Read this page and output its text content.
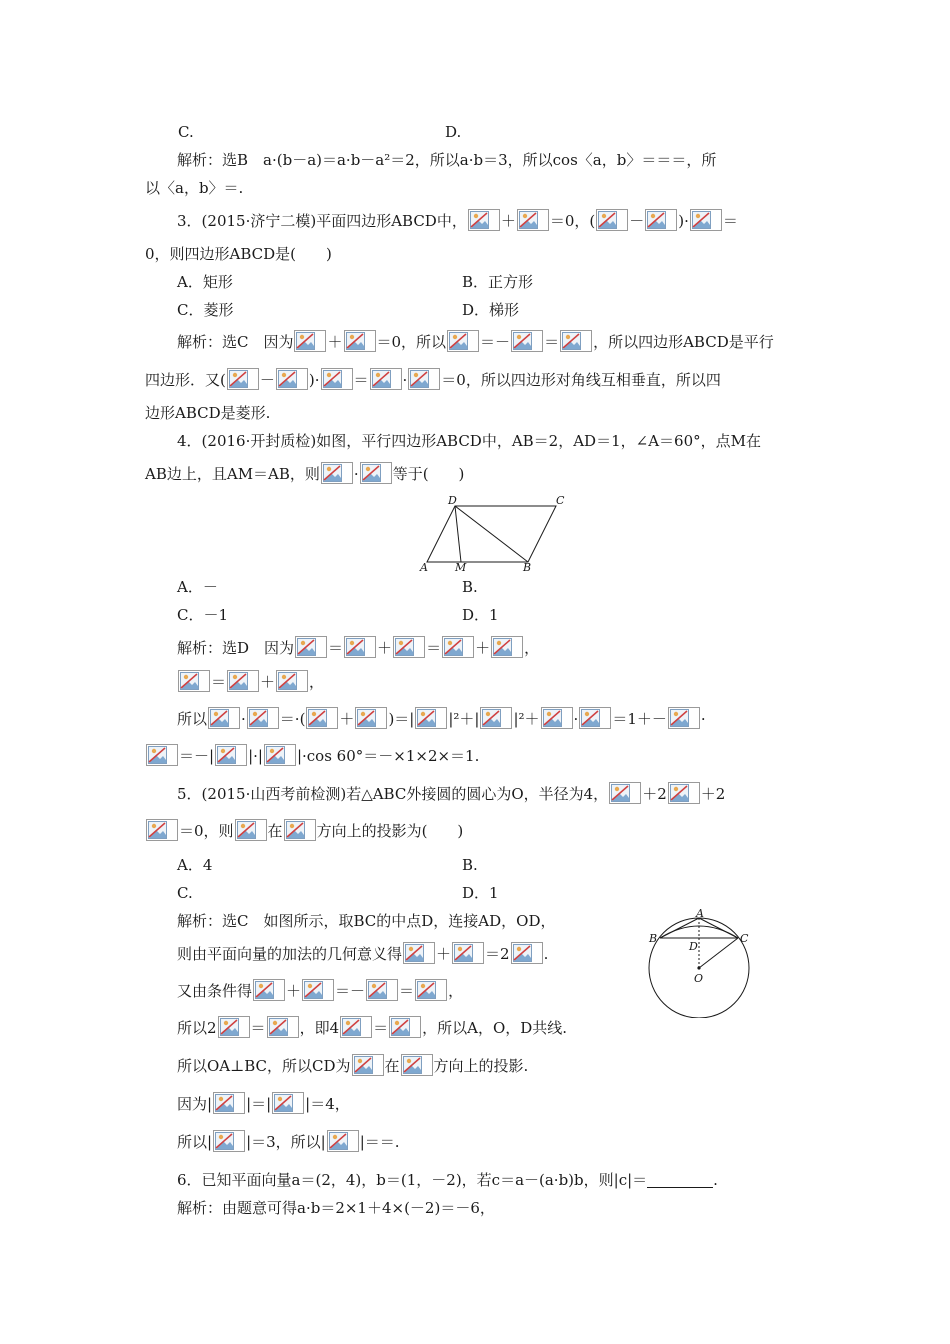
C.	D.
解析：选B　a·(b－a)＝a·b－a²＝2，所以a·b＝3，所以cos〈a，b〉＝＝＝，所
以〈a，b〉＝.
3．(2015·济宁二模)平面四边形ABCD中， ＋ ＝0，( － )· ＝
0，则四边形ABCD是(　　)
A．矩形	B．正方形
C．菱形	D．梯形
解析：选C　因为 ＋ ＝0，所以 ＝－ ＝ ，所以四边形ABCD是平行
四边形．又( － )· ＝ · ＝0，所以四边形对角线互相垂直，所以四
边形ABCD是菱形.
4．(2016·开封质检)如图，平行四边形ABCD中，AB＝2，AD＝1，∠A＝60°，点M在
AB边上，且AM＝AB，则 · 等于(　　)
D	C
A M	B
A．－	B.
C．－1	D．1
解析：选D　因为 ＝ ＋ ＝ ＋ ，
＝ ＋ ，
所以 · ＝·( ＋ )＝| |²＋| |²＋ · ＝1＋－ ·
＝－| |·| |·cos 60°＝－×1×2×＝1.
5．(2015·山西考前检测)若△ABC外接圆的圆心为O，半径为4， ＋2 ＋2
＝0，则 在 方向上的投影为(　　)
A．4	B.
C.	D．1
解析：选C　如图所示，取BC的中点D，连接AD，OD，
则由平面向量的加法的几何意义得 ＋ ＝2 .
又由条件得 ＋ ＝－ ＝ ，
所以2 ＝ ，即4 ＝ ，所以A，O，D共线.
所以OA⊥BC，所以CD为 在 方向上的投影.
因为| |＝| |＝4，
所以| |＝3，所以| |＝＝.
A
B	C
D
O
6．已知平面向量a＝(2，4)，b＝(1，－2)，若c＝a－(a·b)b，则|c|＝	.
解析：由题意可得a·b＝2×1＋4×(－2)＝－6，
